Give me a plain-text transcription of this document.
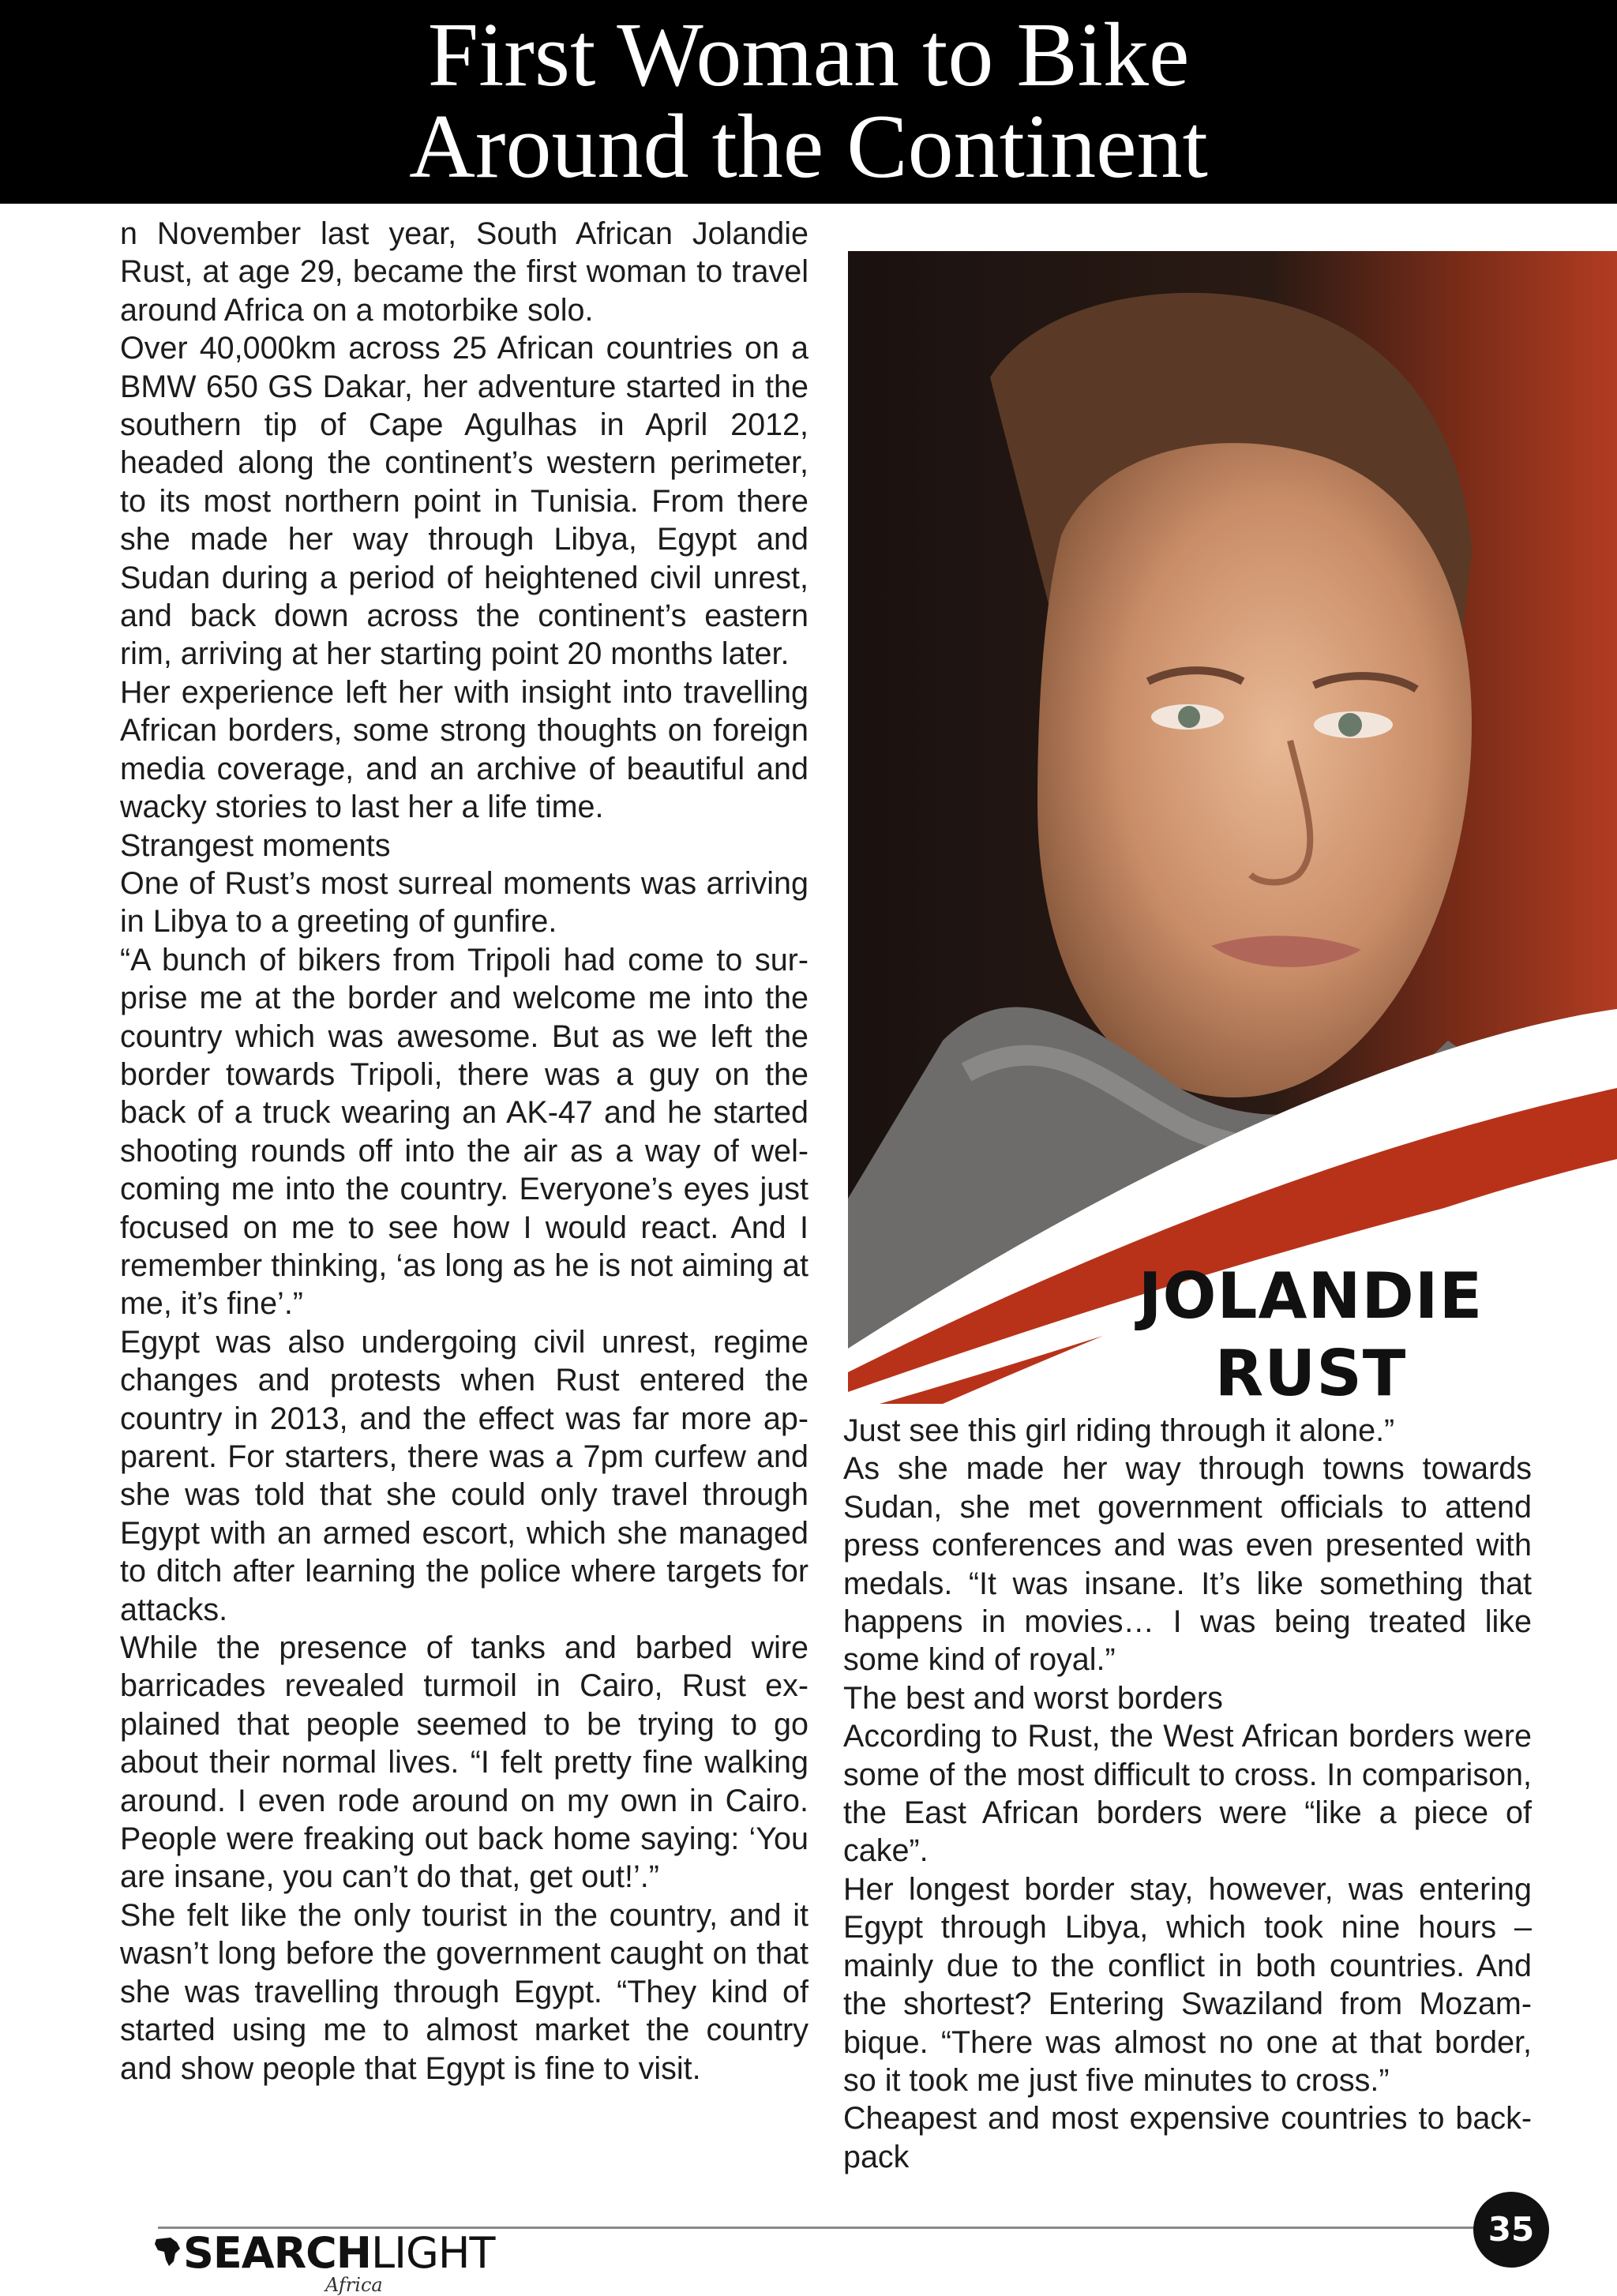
First Woman to Bike
Around the Continent

n November last year, South African Jolandie Rust, at age 29, became the first woman to travel around Africa on a motorbike solo.

Over 40,000km across 25 African countries on a BMW 650 GS Dakar, her adventure started in the southern tip of Cape Agulhas in April 2012, headed along the continent’s western perimeter, to its most northern point in Tunisia. From there she made her way through Libya, Egypt and Sudan during a period of heightened civil unrest, and back down across the continent’s eastern rim, arriving at her starting point 20 months later.

Her experience left her with insight into travelling African borders, some strong thoughts on foreign media coverage, and an archive of beautiful and wacky stories to last her a life time.

Strangest moments

One of Rust’s most surreal moments was arriving in Libya to a greeting of gunfire.

“A bunch of bikers from Tripoli had come to surprise me at the border and welcome me into the country which was awesome. But as we left the border towards Tripoli, there was a guy on the back of a truck wearing an AK-47 and he started shooting rounds off into the air as a way of welcoming me into the country. Everyone’s eyes just focused on me to see how I would react. And I remember thinking, ‘as long as he is not aiming at me, it’s fine’.”

Egypt was also undergoing civil unrest, regime changes and protests when Rust entered the country in 2013, and the effect was far more apparent. For starters, there was a 7pm curfew and she was told that she could only travel through Egypt with an armed escort, which she managed to ditch after learning the police where targets for attacks.

While the presence of tanks and barbed wire barricades revealed turmoil in Cairo, Rust explained that people seemed to be trying to go about their normal lives. “I felt pretty fine walking around. I even rode around on my own in Cairo. People were freaking out back home saying: ‘You are insane, you can’t do that, get out!’.”

She felt like the only tourist in the country, and it wasn’t long before the government caught on that she was travelling through Egypt. “They kind of started using me to almost market the country and show people that Egypt is fine to visit.

JOLANDIE
RUST

Just see this girl riding through it alone.”

As she made her way through towns towards Sudan, she met government officials to attend press conferences and was even presented with medals. “It was insane. It’s like something that happens in movies… I was being treated like some kind of royal.”

The best and worst borders

According to Rust, the West African borders were some of the most difficult to cross. In comparison, the East African borders were “like a piece of cake”.

Her longest border stay, however, was entering Egypt through Libya, which took nine hours – mainly due to the conflict in both countries. And the shortest? Entering Swaziland from Mozambique. “There was almost no one at that border, so it took me just five minutes to cross.”

Cheapest and most expensive countries to backpack

35
SEARCHLIGHT
Africa
